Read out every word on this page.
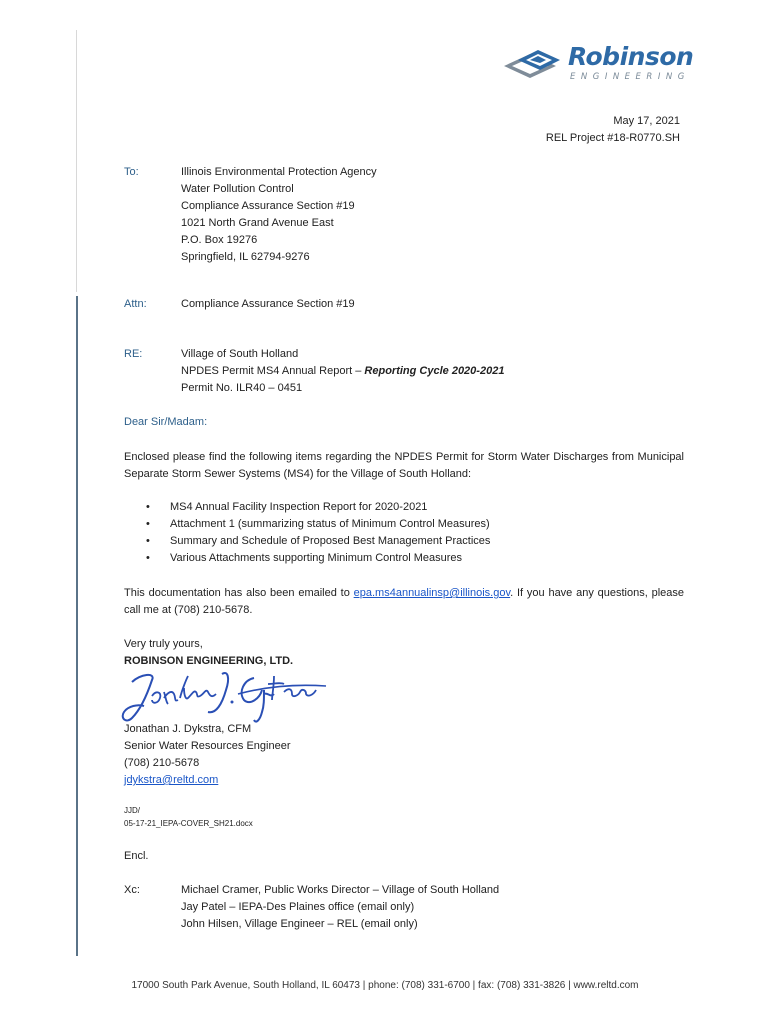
Robinson
ENGINEERING
May 17, 2021
REL Project #18-R0770.SH
To:	Illinois Environmental Protection Agency
Water Pollution Control
Compliance Assurance Section #19
1021 North Grand Avenue East
P.O. Box 19276
Springfield, IL 62794-9276
Attn:	Compliance Assurance Section #19
RE:	Village of South Holland
NPDES Permit MS4 Annual Report – Reporting Cycle 2020-2021
Permit No. ILR40 – 0451
Dear Sir/Madam:
Enclosed please find the following items regarding the NPDES Permit for Storm Water Discharges from Municipal Separate Storm Sewer Systems (MS4) for the Village of South Holland:
• MS4 Annual Facility Inspection Report for 2020-2021
• Attachment 1 (summarizing status of Minimum Control Measures)
• Summary and Schedule of Proposed Best Management Practices
• Various Attachments supporting Minimum Control Measures
This documentation has also been emailed to epa.ms4annualinsp@illinois.gov. If you have any questions, please call me at (708) 210-5678.
Very truly yours,
ROBINSON ENGINEERING, LTD.
Jonathan J. Dykstra, CFM
Senior Water Resources Engineer
(708) 210-5678
jdykstra@reltd.com
JJD/
05-17-21_IEPA-COVER_SH21.docx
Encl.
Xc:	Michael Cramer, Public Works Director – Village of South Holland
Jay Patel – IEPA-Des Plaines office (email only)
John Hilsen, Village Engineer – REL (email only)
17000 South Park Avenue, South Holland, IL 60473 | phone: (708) 331-6700 | fax: (708) 331-3826 | www.reltd.com
